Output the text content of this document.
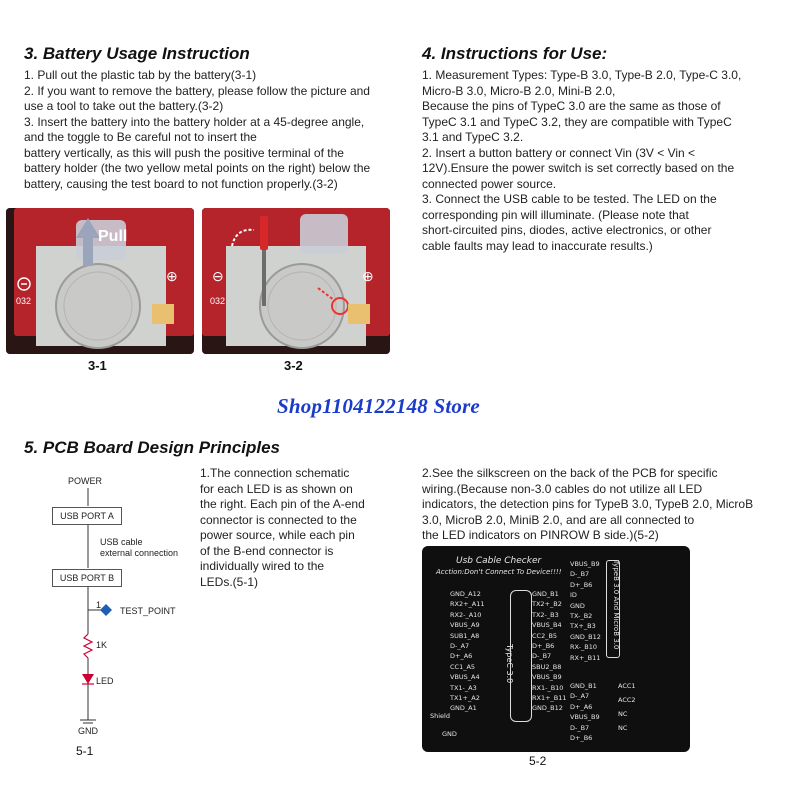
3. Battery Usage Instruction
1. Pull out the plastic tab by the battery(3-1)
2. If you want to remove the battery, please follow the picture and
use a tool to take out the battery.(3-2)
3. Insert the battery into the battery holder at a 45-degree angle,
and the toggle to Be careful not to insert the
battery vertically, as this will push the positive terminal of the
battery holder (the two yellow metal points on the right) below the
battery, causing the test board to not function properly.(3-2)
Pull
⊕
032
3-1
⊖	⊕
032
3-2
4. Instructions for Use:
1. Measurement Types: Type-B 3.0, Type-B 2.0, Type-C 3.0,
Micro-B 3.0, Micro-B 2.0, Mini-B 2.0,
Because the pins of TypeC 3.0 are the same as those of
TypeC 3.1 and TypeC 3.2, they are compatible with TypeC
3.1 and TypeC 3.2.
2. Insert a button battery or connect Vin (3V < Vin <
12V).Ensure the power switch is set correctly based on the
connected power source.
3. Connect the USB cable to be tested. The LED on the
corresponding pin will illuminate. (Please note that
short-circuited pins, diodes, active electronics, or other
cable faults may lead to inaccurate results.)
Shop1104122148 Store
5. PCB Board Design Principles
POWER
USB PORT A
USB cable
external connection
USB PORT B
1
TEST_POINT
1K
LED
GND
5-1
1.The connection schematic
for each LED is as shown on
the right. Each pin of the A-end
connector is connected to the
power source, while each pin
of the B-end connector is
individually wired to the
LEDs.(5-1)
2.See the silkscreen on the back of the PCB for specific
wiring.(Because non-3.0 cables do not utilize all LED
indicators, the detection pins for TypeB 3.0, TypeB 2.0, MicroB
3.0, MicroB 2.0, MiniB 2.0, and are all connected to
the LED indicators on PINROW B side.)(5-2)
Usb Cable Checker
Acction:Don't Connect To Device!!!!
TypeC 3.0
TypeB 3.0 And MicroB 3.0
GND_A12
RX2+_A11
RX2-_A10
VBUS_A9
SUB1_A8
D-_A7
D+_A6
CC1_A5
VBUS_A4
TX1-_A3
TX1+_A2
GND_A1
GND_B1
TX2+_B2
TX2-_B3
VBUS_B4
CC2_B5
D+_B6
D-_B7
SBU2_B8
VBUS_B9
RX1-_B10
RX1+_B11
GND_B12
VBUS_B9
D-_B7
D+_B6
ID
GND
TX-_B2
TX+_B3
GND_B12
RX-_B10
RX+_B11
GND_B1
D-_A7
D+_A6
VBUS_B9
D-_B7
D+_B6
ACC1
ACC2
NC
NC
Shield
GND
5-2
